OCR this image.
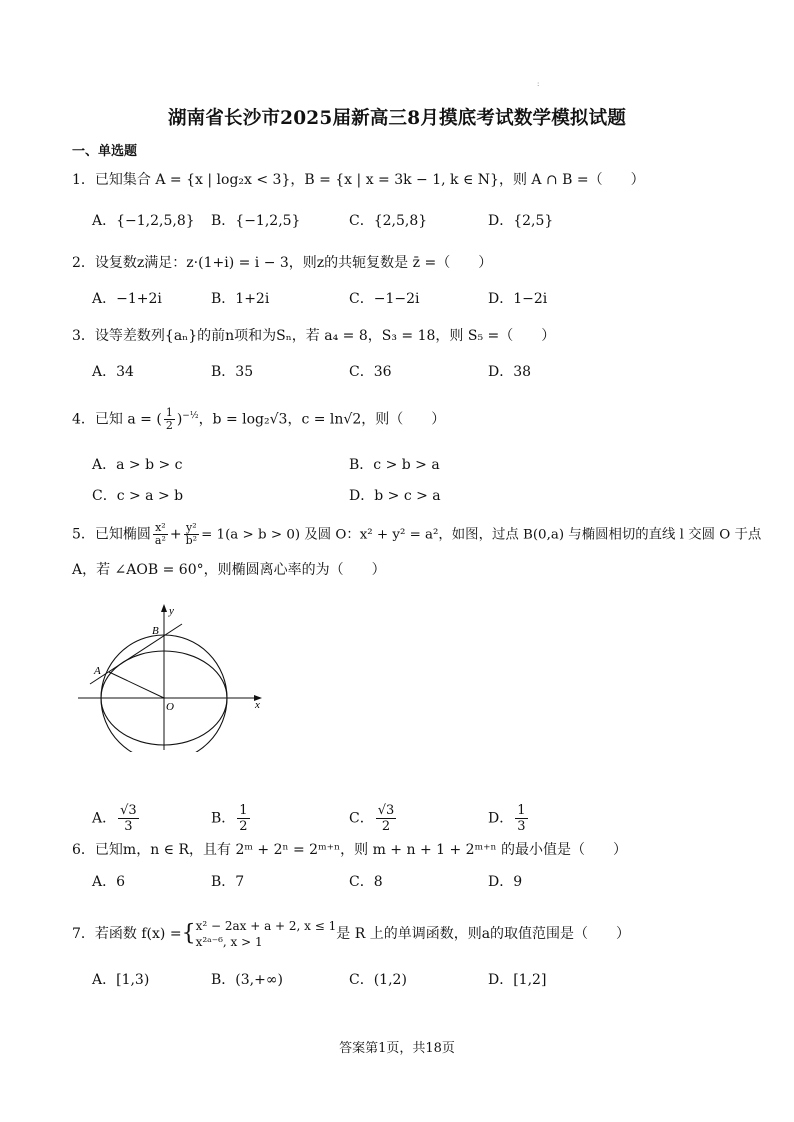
:
湖南省长沙市2025届新高三8月摸底考试数学模拟试题
一、单选题
1．已知集合 A = {x | log₂x < 3}，B = {x | x = 3k − 1, k ∈ N}，则 A ∩ B =（　　）
A．{−1,2,5,8} B．{−1,2,5}	C．{2,5,8}	D．{2,5}
2．设复数z满足：z·(1+i) = i − 3，则z的共轭复数是 z̄ =（　　）
A．−1+2i	B．1+2i	C．−1−2i	D．1−2i
3．设等差数列{aₙ}的前n项和为Sₙ，若 a₄ = 8，S₃ = 18，则 S₅ =（　　）
A．34	B．35	C．36	D．38
4．已知 a = ( $\frac{1}{2} )^{-\frac{1}{2}}$，b = log₂√3，c = ln√2，则（　　）
A．a > b > c	B．c > b > a
C．c > a > b	D．b > c > a
5．已知椭圆 $\frac{\text{x²}}{\text{a²}} + \frac{\text{y²}}{\text{b²}} = 1(a > b > 0)$ 及圆 O：x² + y² = a²，如图，过点 B(0,a) 与椭圆相切的直线 l 交圆 O 于点
A，若 ∠AOB = 60°，则椭圆离心率的为（　　）
y
x
O
A
B
A． $\frac{√3}{3}$	B． $\frac{1}{2}$	C． $\frac{√3}{2}$	D． $\frac{1}{3}$
6．已知m，n ∈ R，且有 2ᵐ + 2ⁿ = 2ᵐ⁺ⁿ，则 m + n + 1 + 2ᵐ⁺ⁿ 的最小值是（　　）
A．6	B．7	C．8	D．9
7．若函数 f(x) ={ x² − 2ax + a + 2, x ≤ 1
x²ᵃ⁻⁶, x > 1	是 R 上的单调函数，则a的取值范围是（　　）
A．[1,3)	B．(3,+∞)	C．(1,2)	D．[1,2]
答案第1页，共18页
